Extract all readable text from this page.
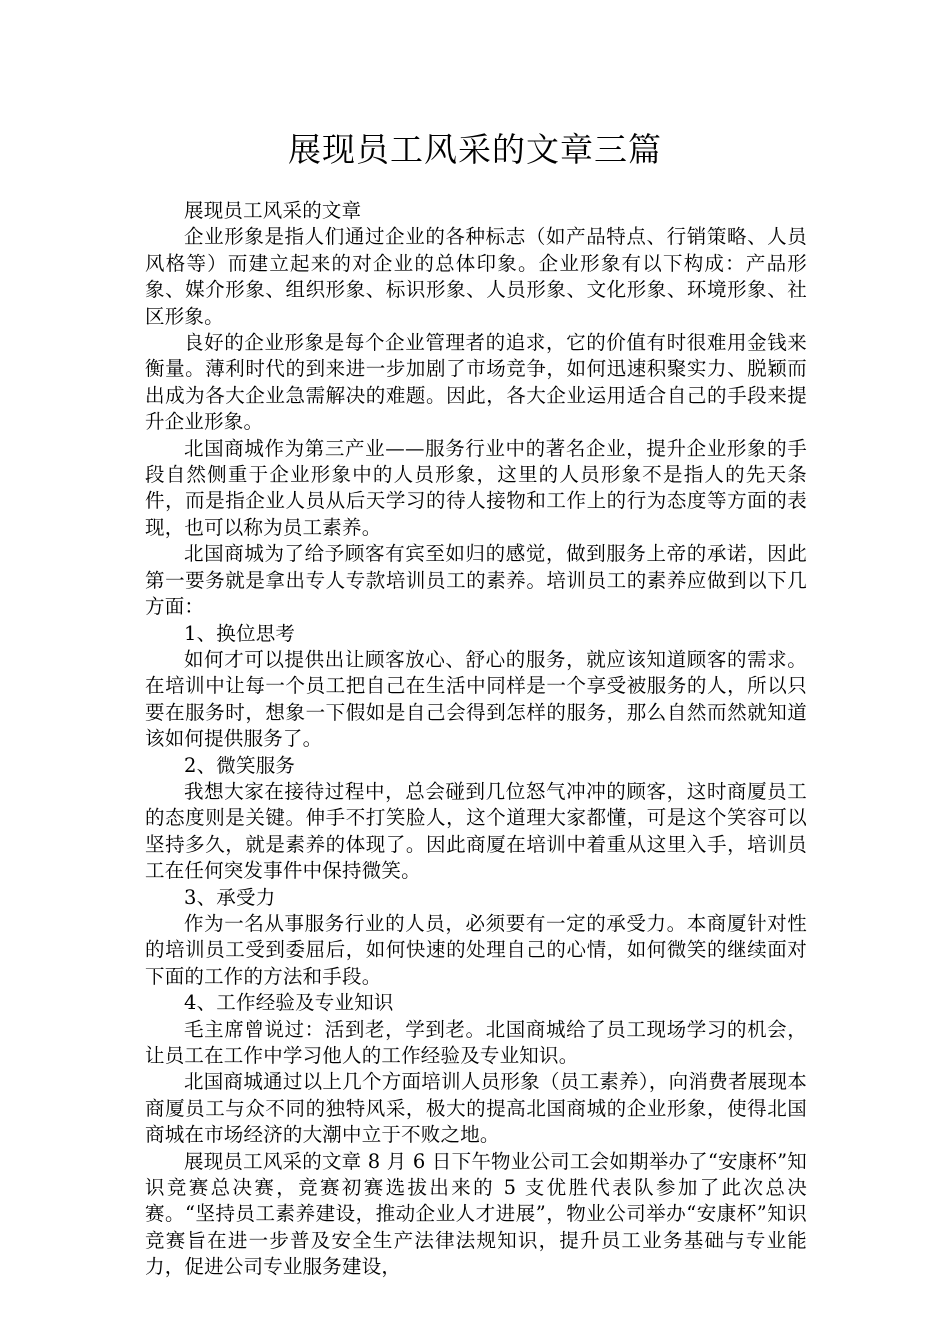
展现员工风采的文章三篇

展现员工风采的文章

企业形象是指人们通过企业的各种标志（如产品特点、行销策略、人员风格等）而建立起来的对企业的总体印象。企业形象有以下构成：产品形象、媒介形象、组织形象、标识形象、人员形象、文化形象、环境形象、社区形象。

良好的企业形象是每个企业管理者的追求，它的价值有时很难用金钱来衡量。薄利时代的到来进一步加剧了市场竞争，如何迅速积聚实力、脱颖而出成为各大企业急需解决的难题。因此，各大企业运用适合自己的手段来提升企业形象。

北国商城作为第三产业——服务行业中的著名企业，提升企业形象的手段自然侧重于企业形象中的人员形象，这里的人员形象不是指人的先天条件，而是指企业人员从后天学习的待人接物和工作上的行为态度等方面的表现，也可以称为员工素养。

北国商城为了给予顾客有宾至如归的感觉，做到服务上帝的承诺，因此第一要务就是拿出专人专款培训员工的素养。培训员工的素养应做到以下几方面：

1、换位思考

如何才可以提供出让顾客放心、舒心的服务，就应该知道顾客的需求。在培训中让每一个员工把自己在生活中同样是一个享受被服务的人，所以只要在服务时，想象一下假如是自己会得到怎样的服务，那么自然而然就知道该如何提供服务了。

2、微笑服务

我想大家在接待过程中，总会碰到几位怒气冲冲的顾客，这时商厦员工的态度则是关键。伸手不打笑脸人，这个道理大家都懂，可是这个笑容可以坚持多久，就是素养的体现了。因此商厦在培训中着重从这里入手，培训员工在任何突发事件中保持微笑。

3、承受力

作为一名从事服务行业的人员，必须要有一定的承受力。本商厦针对性的培训员工受到委屈后，如何快速的处理自己的心情，如何微笑的继续面对下面的工作的方法和手段。

4、工作经验及专业知识

毛主席曾说过：活到老，学到老。北国商城给了员工现场学习的机会，让员工在工作中学习他人的工作经验及专业知识。

北国商城通过以上几个方面培训人员形象（员工素养），向消费者展现本商厦员工与众不同的独特风采，极大的提高北国商城的企业形象，使得北国商城在市场经济的大潮中立于不败之地。

展现员工风采的文章 8 月 6 日下午物业公司工会如期举办了“安康杯”知识竞赛总决赛，竞赛初赛选拔出来的 5 支优胜代表队参加了此次总决赛。“坚持员工素养建设，推动企业人才进展”，物业公司举办“安康杯”知识竞赛旨在进一步普及安全生产法律法规知识，提升员工业务基础与专业能力，促进公司专业服务建设，
